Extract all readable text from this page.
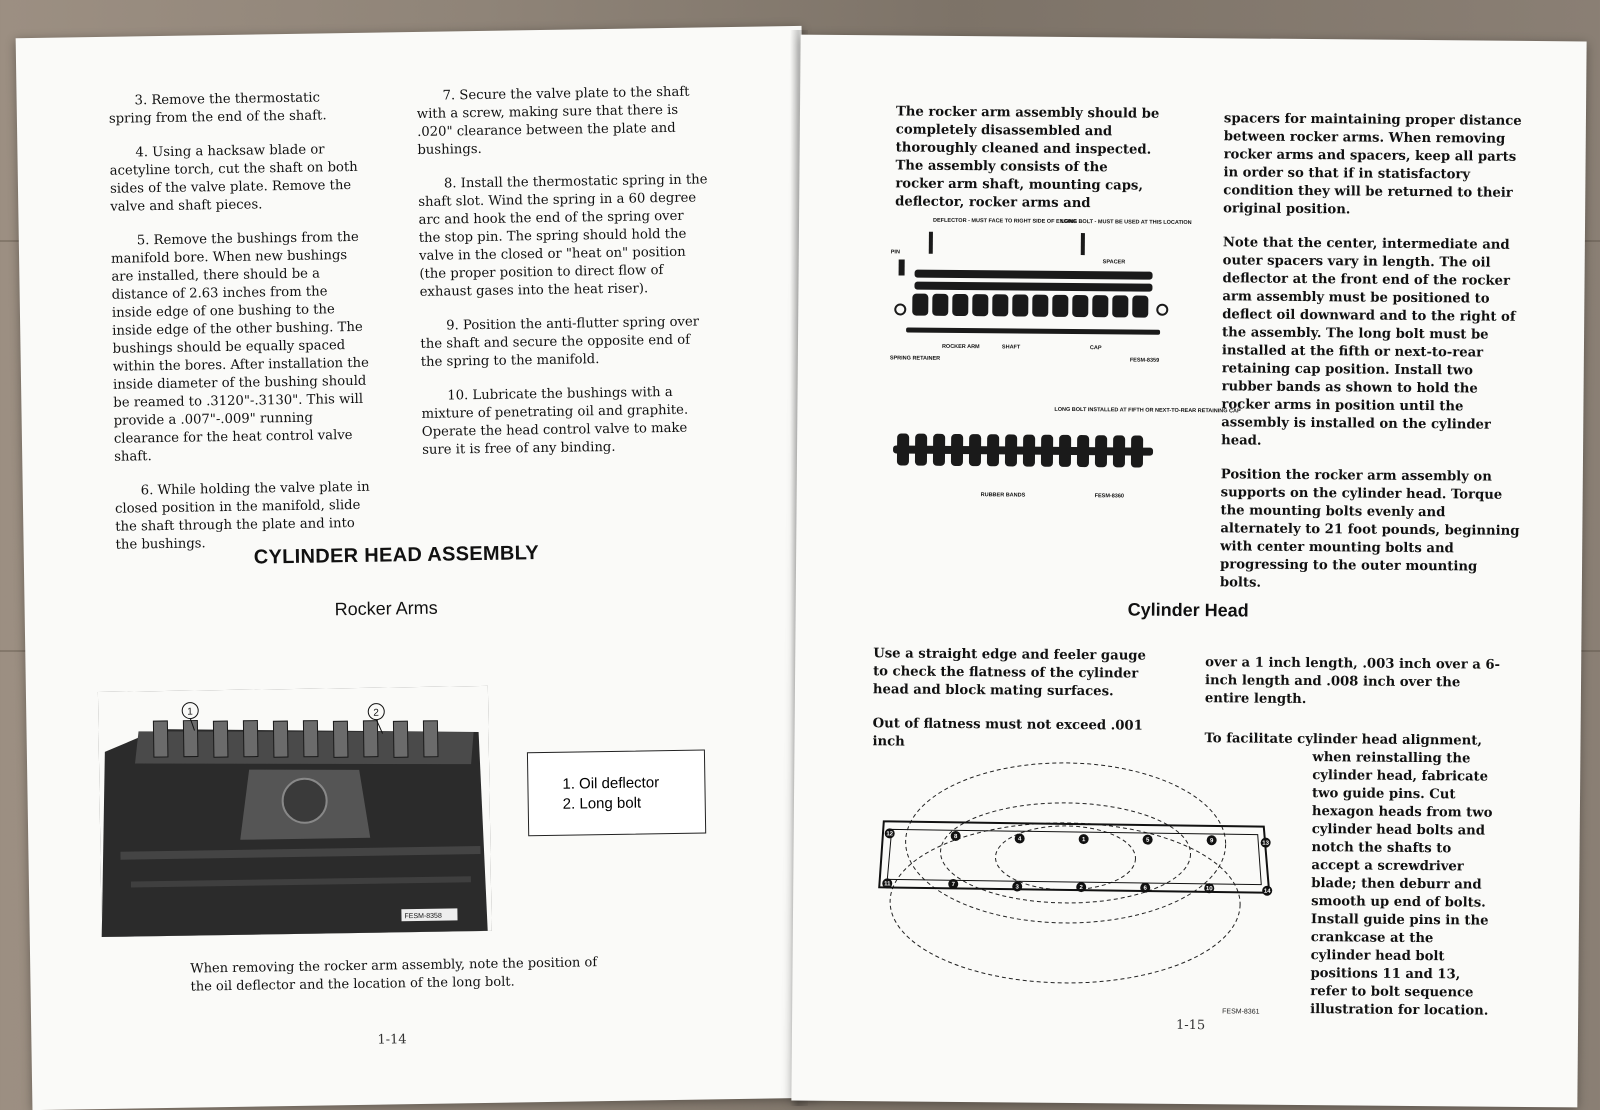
3. Remove the thermostatic spring from the end of the shaft.

4. Using a hacksaw blade or acetyline torch, cut the shaft on both sides of the valve plate. Remove the valve and shaft pieces.

5. Remove the bushings from the manifold bore. When new bushings are installed, there should be a distance of 2.63 inches from the inside edge of one bushing to the inside edge of the other bushing. The bushings should be equally spaced within the bores. After installation the inside diameter of the bushing should be reamed to .3120"-.3130". This will provide a .007"-.009" running clearance for the heat control valve shaft.

6. While holding the valve plate in closed position in the manifold, slide the shaft through the plate and into the bushings.

7. Secure the valve plate to the shaft with a screw, making sure that there is .020" clearance between the plate and bushings.

8. Install the thermostatic spring in the shaft slot. Wind the spring in a 60 degree arc and hook the end of the spring over the stop pin. The spring should hold the valve in the closed or "heat on" position (the proper position to direct flow of exhaust gases into the heat riser).

9. Position the anti-flutter spring over the shaft and secure the opposite end of the spring to the manifold.

10. Lubricate the bushings with a mixture of penetrating oil and graphite. Operate the head control valve to make sure it is free of any binding.

CYLINDER HEAD ASSEMBLY
Rocker Arms
FESM-8358
1	2
1. Oil deflector
2. Long bolt
When removing the rocker arm assembly, note the position of the oil deflector and the location of the long bolt.
1-14

The rocker arm assembly should be completely disassembled and thoroughly cleaned and inspected. The assembly consists of the rocker arm shaft, mounting caps, deflector, rocker arms and

DEFLECTOR - MUST FACE TO RIGHT SIDE OF ENGINE
LONG BOLT - MUST BE USED AT THIS LOCATION
PIN
SPACER
ROCKER ARM	SHAFT	CAP
SPRING RETAINER	FESM-8359
LONG BOLT INSTALLED AT FIFTH OR NEXT-TO-REAR RETAINING CAP
RUBBER BANDS	FESM-8360

spacers for maintaining proper distance between rocker arms. When removing rocker arms and spacers, keep all parts in order so that if in statisfactory condition they will be returned to their original position.

Note that the center, intermediate and outer spacers vary in length. The oil deflector at the front end of the rocker arm assembly must be positioned to deflect oil downward and to the right of the assembly. The long bolt must be installed at the fifth or next-to-rear retaining cap position. Install two rubber bands as shown to hold the rocker arms in position until the assembly is installed on the cylinder head.

Position the rocker arm assembly on supports on the cylinder head. Torque the mounting bolts evenly and alternately to 21 foot pounds, beginning with center mounting bolts and progressing to the outer mounting bolts.

Cylinder Head

Use a straight edge and feeler gauge to check the flatness of the cylinder head and block mating surfaces.

Out of flatness must not exceed .001 inch

over a 1 inch length, .003 inch over a 6-inch length and .008 inch over the entire length.

To facilitate cylinder head alignment,
when reinstalling the cylinder head, fabricate two guide pins. Cut hexagon heads from two cylinder head bolts and notch the shafts to accept a screwdriver blade; then deburr and smooth up end of bolts. Install guide pins in the crankcase at the cylinder head bolt positions 11 and 13, refer to bolt sequence illustration for location.
12	8	4	1	5	9	13
11	7	3	2	6	10	14
FESM-8361
1-15
